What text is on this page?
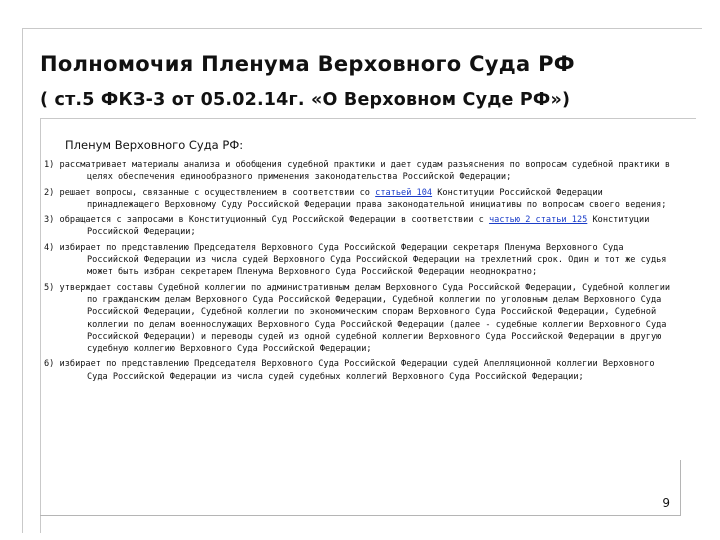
Полномочия Пленума Верховного Суда РФ
( ст.5 ФКЗ-3 от 05.02.14г. «О Верховном Суде РФ»)
Пленум Верховного Суда РФ:
1) рассматривает материалы анализа и обобщения судебной практики и дает судам разъяснения по вопросам судебной практики в целях обеспечения единообразного применения законодательства Российской Федерации;
2) решает вопросы, связанные с осуществлением в соответствии со статьей 104 Конституции Российской Федерации принадлежащего Верховному Суду Российской Федерации права законодательной инициативы по вопросам своего ведения;
3) обращается с запросами в Конституционный Суд Российской Федерации в соответствии с частью 2 статьи 125 Конституции Российской Федерации;
4) избирает по представлению Председателя Верховного Суда Российской Федерации секретаря Пленума Верховного Суда Российской Федерации из числа судей Верховного Суда Российской Федерации на трехлетний срок. Один и тот же судья может быть избран секретарем Пленума Верховного Суда Российской Федерации неоднократно;
5) утверждает составы Судебной коллегии по административным делам Верховного Суда Российской Федерации, Судебной коллегии по гражданским делам Верховного Суда Российской Федерации, Судебной коллегии по уголовным делам Верховного Суда Российской Федерации, Судебной коллегии по экономическим спорам Верховного Суда Российской Федерации, Судебной коллегии по делам военнослужащих Верховного Суда Российской Федерации (далее - судебные коллегии Верховного Суда Российской Федерации) и переводы судей из одной судебной коллегии Верховного Суда Российской Федерации в другую судебную коллегию Верховного Суда Российской Федерации;
6) избирает по представлению Председателя Верховного Суда Российской Федерации судей Апелляционной коллегии Верховного Суда Российской Федерации из числа судей судебных коллегий Верховного Суда Российской Федерации;
9
